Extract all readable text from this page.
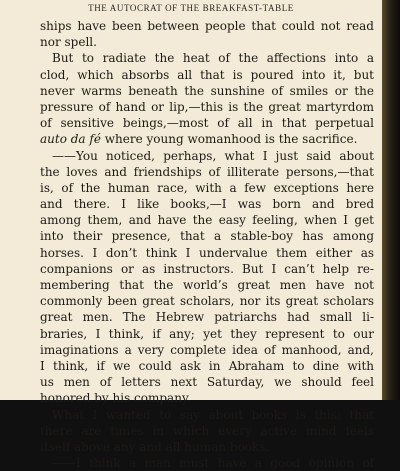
THE AUTOCRAT OF THE BREAKFAST-TABLE
ships have been between people that could not read
nor spell.
 But to radiate the heat of the affections into a
clod, which absorbs all that is poured into it, but
never warms beneath the sunshine of smiles or the
pressure of hand or lip,—this is the great martyrdom
of sensitive beings,—most of all in that perpetual
auto da fé where young womanhood is the sacrifice.
 ——You noticed, perhaps, what I just said about
the loves and friendships of illiterate persons,—that
is, of the human race, with a few exceptions here
and there. I like books,—I was born and bred
among them, and have the easy feeling, when I get
into their presence, that a stable-boy has among
horses. I don’t think I undervalue them either as
companions or as instructors. But I can’t help re-
membering that the world’s great men have not
commonly been great scholars, nor its great scholars
great men. The Hebrew patriarchs had small li-
braries, I think, if any; yet they represent to our
imaginations a very complete idea of manhood, and,
I think, if we could ask in Abraham to dine with
us men of letters next Saturday, we should feel
honored by his company.
 What I wanted to say about books is this: that
there are times in which every active mind feels
itself above any and all human books.
 ——I think a man must have a good opinion of
